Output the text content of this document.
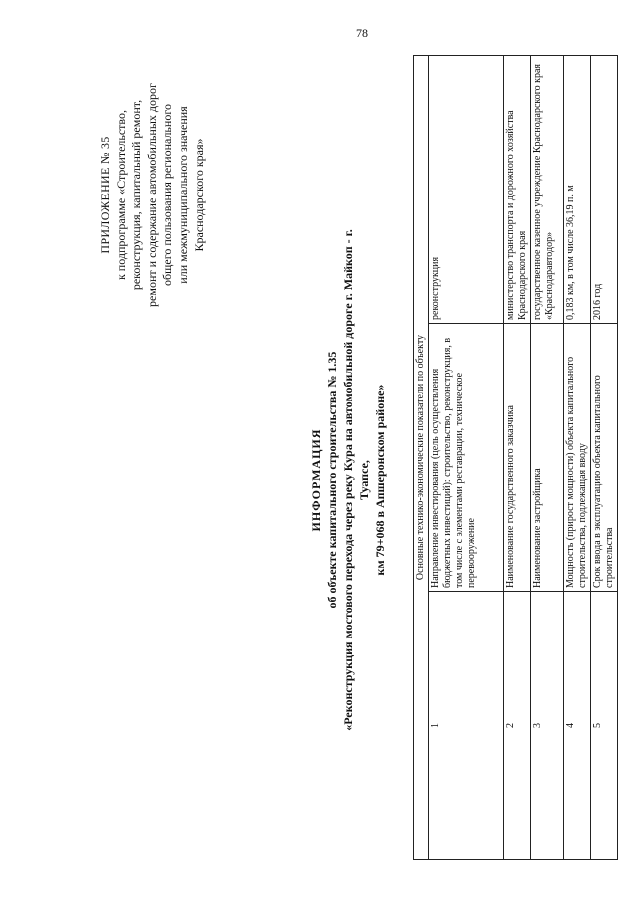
78
ПРИЛОЖЕНИЕ № 35 к подпрограмме «Строительство, реконструкция, капитальный ремонт, ремонт и содержание автомобильных дорог общего пользования регионального или межмуниципального значения Краснодарского края»
ИНФОРМАЦИЯ об объекте капитального строительства № 1.35 «Реконструкция мостового перехода через реку Кура на автомобильной дороге г. Майкоп - г. Туапсе, км 79+068 в Апшеронском районе»	Основные технико-экономические показатели по объекту		
1	Направление инвестирования (цель осуществления бюджетных инвестиций): строительство, реконструкция, в том числе с элементами реставрации, техническое перевооружение	реконструкция
2	Наименование государственного заказчика	министерство транспорта и дорожного хозяйства Краснодарского края
3	Наименование застройщика	государственное казенное учреждение Краснодарского края «Краснодаравтодор»
4	Мощность (прирост мощности) объекта капитального строительства, подлежащая вводу	0,183 км, в том числе 36,19 п. м
5	Срок ввода в эксплуатацию объекта капитального строительства	2016 год
